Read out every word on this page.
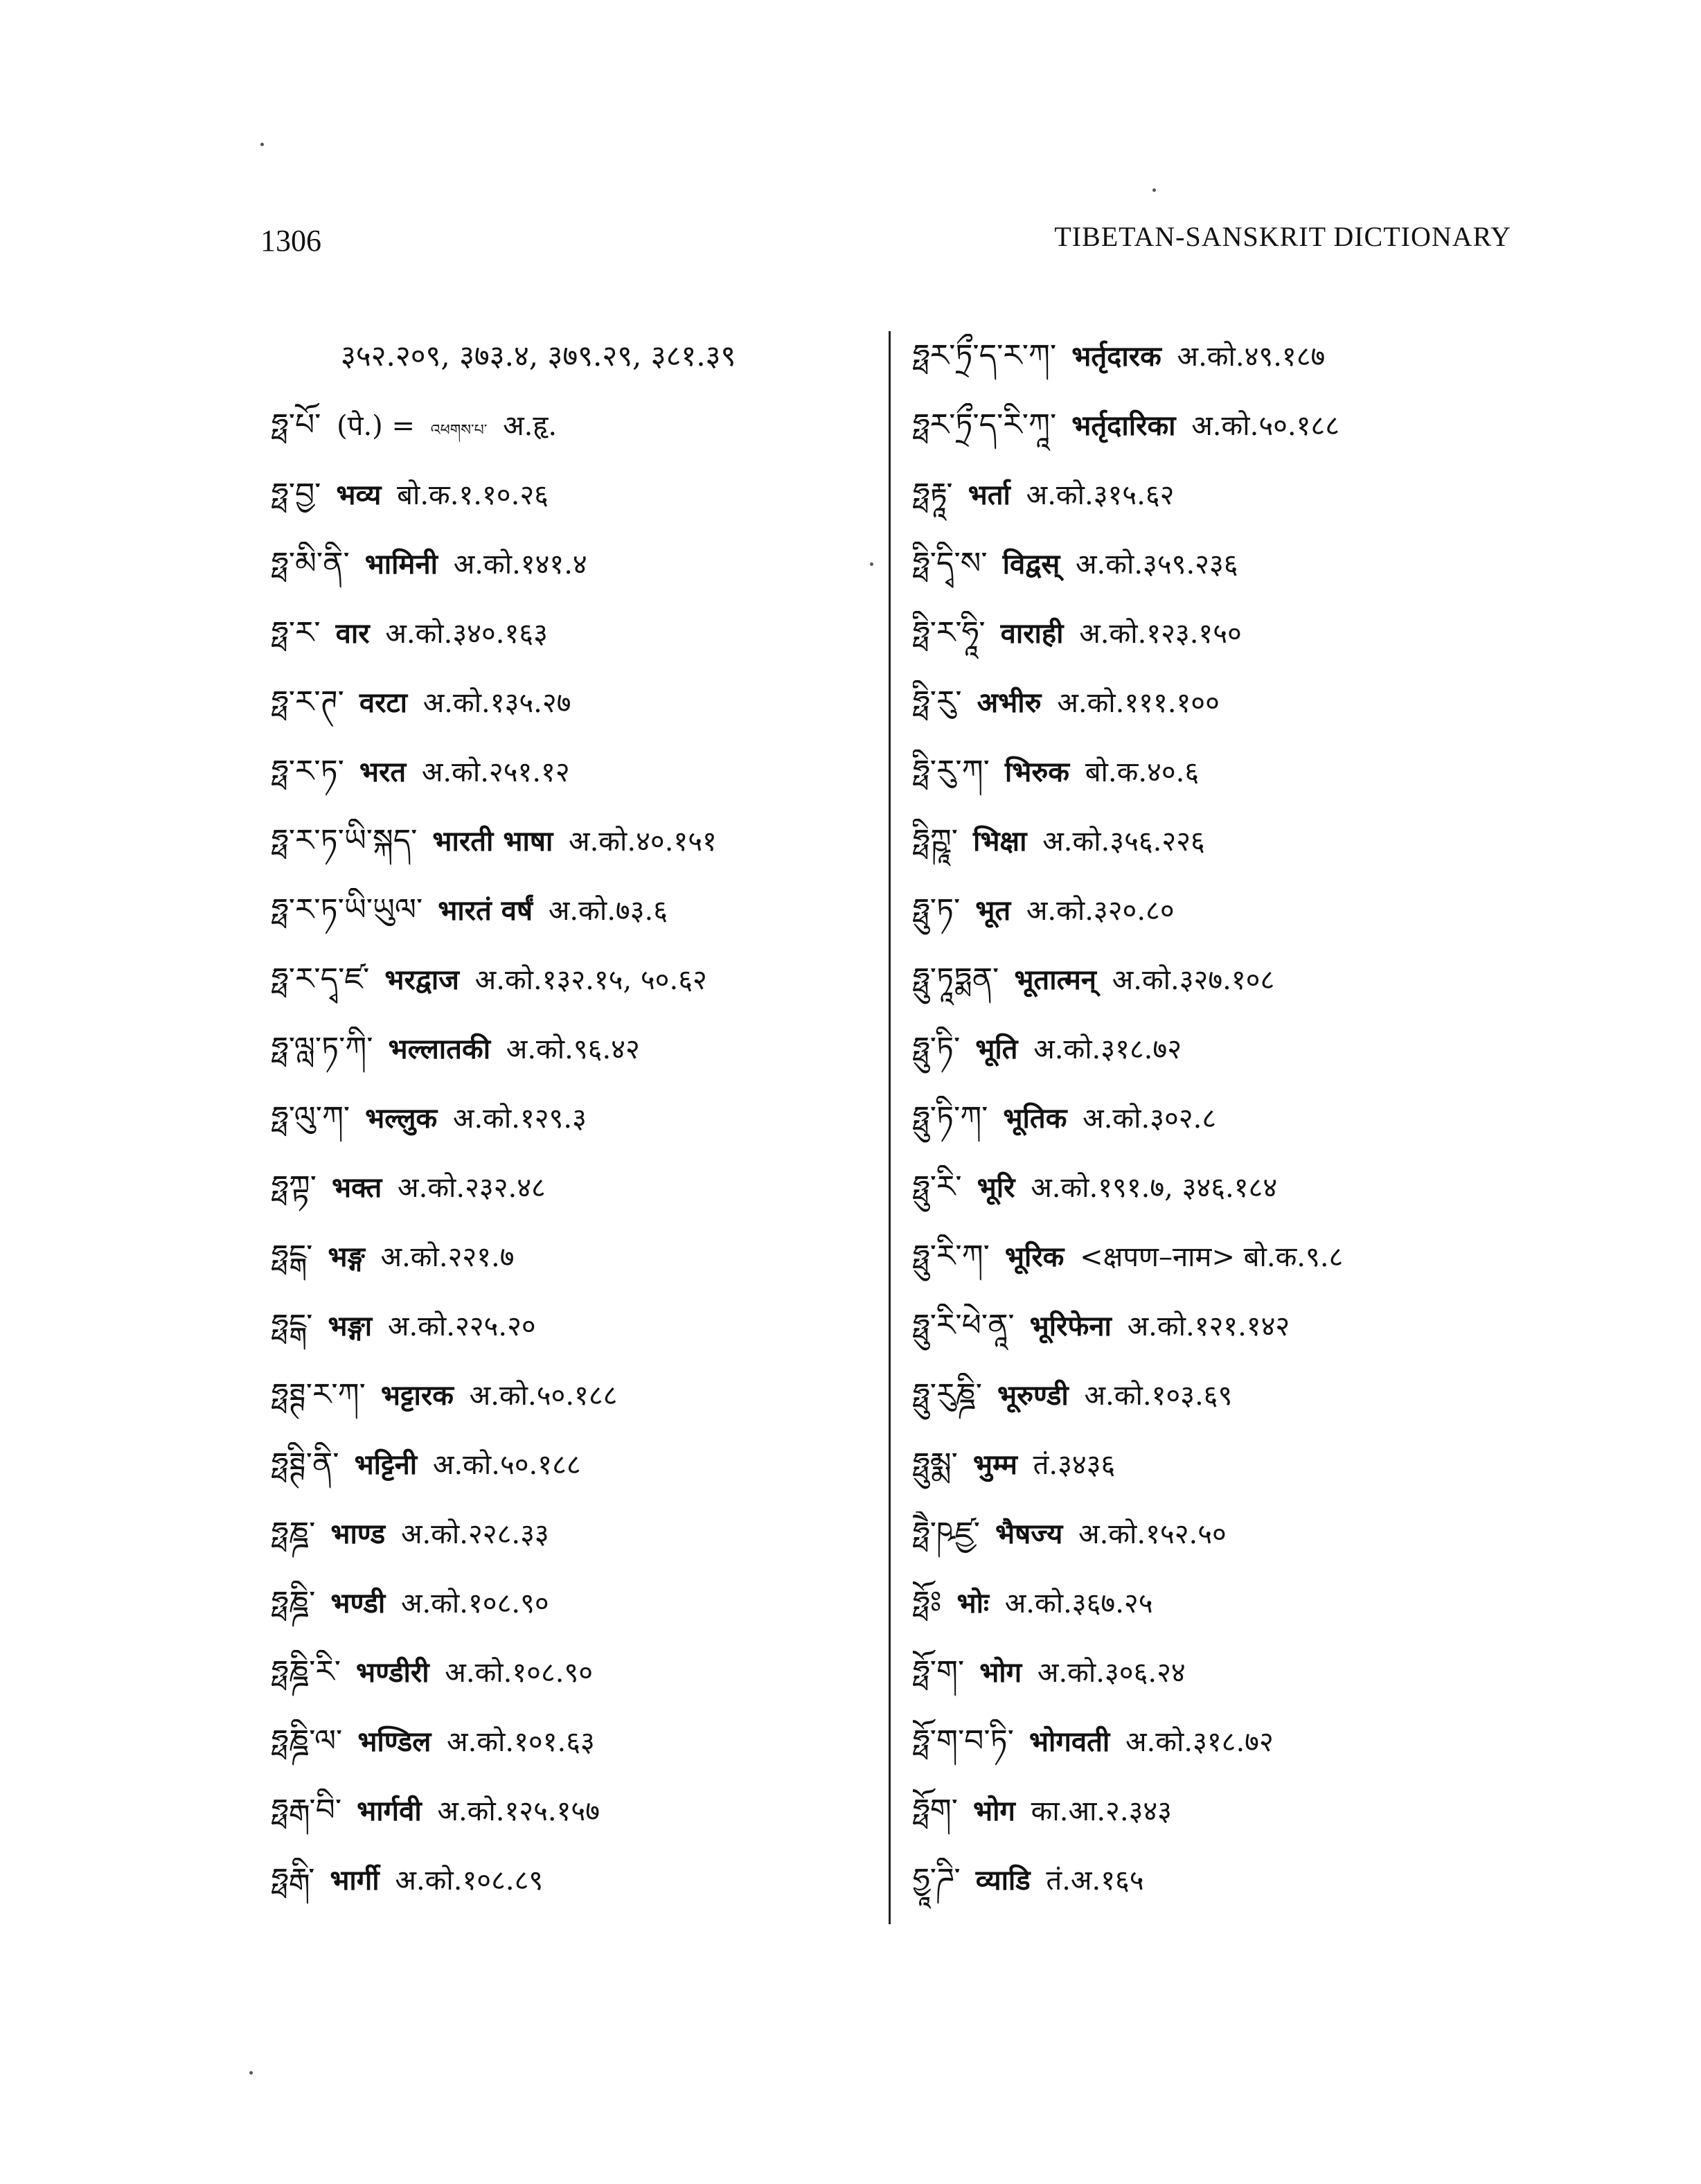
1306	TIBETAN-SANSKRIT DICTIONARY
३५२.२०९, ३७३.४, ३७९.२९, ३८१.३९
ཧྥ་པོ་ (पे.) = འཕགས་པ་ अ.हृ.
ཧྥ་བྱ་ भव्य बो.क.१.१०.२६
ཧྥ་མི་ནི་ भामिनी अ.को.१४१.४
ཧྥ་ར་ वार अ.को.३४०.१६३
ཧྥ་ར་ཊ་ वरटा अ.को.१३५.२७
ཧྥ་ར་ཏ་ भरत अ.को.२५१.१२
ཧྥ་ར་ཏ་ཡི་སྐད་ भारती भाषा अ.को.४०.१५१
ཧྥ་ར་ཏ་ཡི་ཡུལ་ भारतं वर्षं अ.को.७३.६
ཧྥ་ར་དྭ་ཛ་ भरद्वाज अ.को.१३२.१५, ५०.६२
ཧྥ་ལླ་ཏ་ཀི་ भल्लातकी अ.को.९६.४२
ཧྥ་ལུ་ཀ་ भल्लुक अ.को.१२९.३
ཧྥཀྟ་ भक्त अ.को.२३२.४८
ཧྥངྒ་ भङ्ग अ.को.२२१.७
ཧྥངྒ་ भङ्गा अ.को.२२५.२०
ཧྥཊྚ་ར་ཀ་ भट्टारक अ.को.५०.१८८
ཧྥཊྚི་ནི་ भट्टिनी अ.को.५०.१८८
ཧྥཎྜ་ भाण्ड अ.को.२२८.३३
ཧྥཎྜི་ भण्डी अ.को.१०८.९०
ཧྥཎྜི་རི་ भण्डीरी अ.को.१०८.९०
ཧྥཎྜི་ལ་ भण्डिल अ.को.१०१.६३
ཧྥརྒ་བི་ भार्गवी अ.को.१२५.१५७
ཧྥརྒི་ भार्गी अ.को.१०८.८९
ཧྥར་ཏྲྀ་ད་ར་ཀ་ भर्तृदारक अ.को.४९.१८७
ཧྥར་ཏྲྀ་ད་རི་ཀཱ་ भर्तृदारिका अ.को.५०.१८८
ཧྥརྟཱ་ भर्ता अ.को.३१५.६२
ཧྥི་དྭི་ས་ विद्वस् अ.को.३५९.२३६
ཧྥི་ར་ཧཱི་ वाराही अ.को.१२३.१५०
ཧྥི་རུ་ अभीरु अ.को.१११.१००
ཧྥི་རུ་ཀ་ भिरुक बो.क.४०.६
ཧྥིཀྵཱ་ भिक्षा अ.को.३५६.२२६
ཧྥུ་ཏ་ भूत अ.को.३२०.८०
ཧྥུ་ཏཱཏྨན་ भूतात्मन् अ.को.३२७.१०८
ཧྥུ་ཏི་ भूति अ.को.३१८.७२
ཧྥུ་ཏི་ཀ་ भूतिक अ.को.३०२.८
ཧྥུ་རི་ भूरि अ.को.१९१.७, ३४६.१८४
ཧྥུ་རི་ཀ་ भूरिक <क्षपण–नाम> बो.क.९.८
ཧྥུ་རི་ཕེ་ནཱ་ भूरिफेना अ.को.१२१.१४२
ཧྥུ་རུཎྜི་ भूरुण्डी अ.को.१०३.६९
ཧྥུམྨ་ भुम्म तं.३४३६
ཧྥཻ་ཥཛྱ་ भैषज्य अ.को.१५२.५०
ཧྥོཿ भोः अ.को.३६७.२५
ཧྥོ་ག་ भोग अ.को.३०६.२४
ཧྥོ་ག་བ་ཏི་ भोगवती अ.को.३१८.७२
ཧྥོག་ भोग का.आ.२.३४३
ཧྱཱ་ཌི་ व्याडि तं.अ.१६५
